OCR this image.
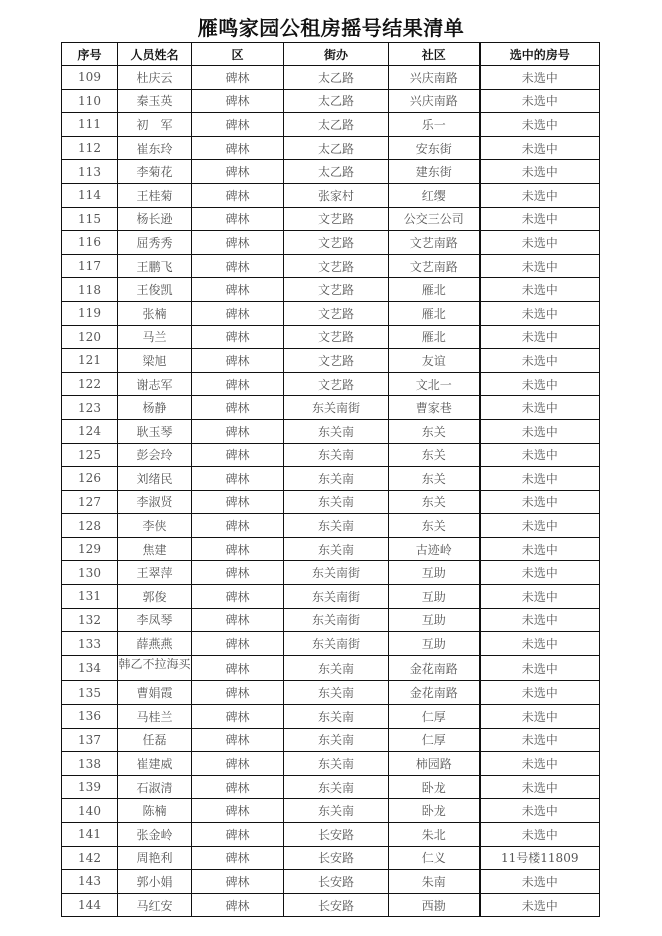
雁鸣家园公租房摇号结果清单
序号	人员姓名	区	街办	社区	选中的房号
109	杜庆云	碑林	太乙路	兴庆南路	未选中
110	秦玉英	碑林	太乙路	兴庆南路	未选中
111	初　军	碑林	太乙路	乐一	未选中
112	崔东玲	碑林	太乙路	安东街	未选中
113	李菊花	碑林	太乙路	建东街	未选中
114	王桂菊	碑林	张家村	红缨	未选中
115	杨长逊	碑林	文艺路	公交三公司	未选中
116	屈秀秀	碑林	文艺路	文艺南路	未选中
117	王鹏飞	碑林	文艺路	文艺南路	未选中
118	王俊凯	碑林	文艺路	雁北	未选中
119	张楠	碑林	文艺路	雁北	未选中
120	马兰	碑林	文艺路	雁北	未选中
121	梁旭	碑林	文艺路	友谊	未选中
122	谢志军	碑林	文艺路	文北一	未选中
123	杨静	碑林	东关南街	曹家巷	未选中
124	耿玉琴	碑林	东关南	东关	未选中
125	彭会玲	碑林	东关南	东关	未选中
126	刘绪民	碑林	东关南	东关	未选中
127	李淑贤	碑林	东关南	东关	未选中
128	李侠	碑林	东关南	东关	未选中
129	焦建	碑林	东关南	古迹岭	未选中
130	王翠萍	碑林	东关南街	互助	未选中
131	郭俊	碑林	东关南街	互助	未选中
132	李凤琴	碑林	东关南街	互助	未选中
133	薛燕燕	碑林	东关南街	互助	未选中
134	韩乙不拉海买	碑林	东关南	金花南路	未选中
135	曹娟霞	碑林	东关南	金花南路	未选中
136	马桂兰	碑林	东关南	仁厚	未选中
137	任磊	碑林	东关南	仁厚	未选中
138	崔建威	碑林	东关南	柿园路	未选中
139	石淑清	碑林	东关南	卧龙	未选中
140	陈楠	碑林	东关南	卧龙	未选中
141	张金岭	碑林	长安路	朱北	未选中
142	周艳利	碑林	长安路	仁义	11号楼11809
143	郭小娟	碑林	长安路	朱南	未选中
144	马红安	碑林	长安路	西勘	未选中
